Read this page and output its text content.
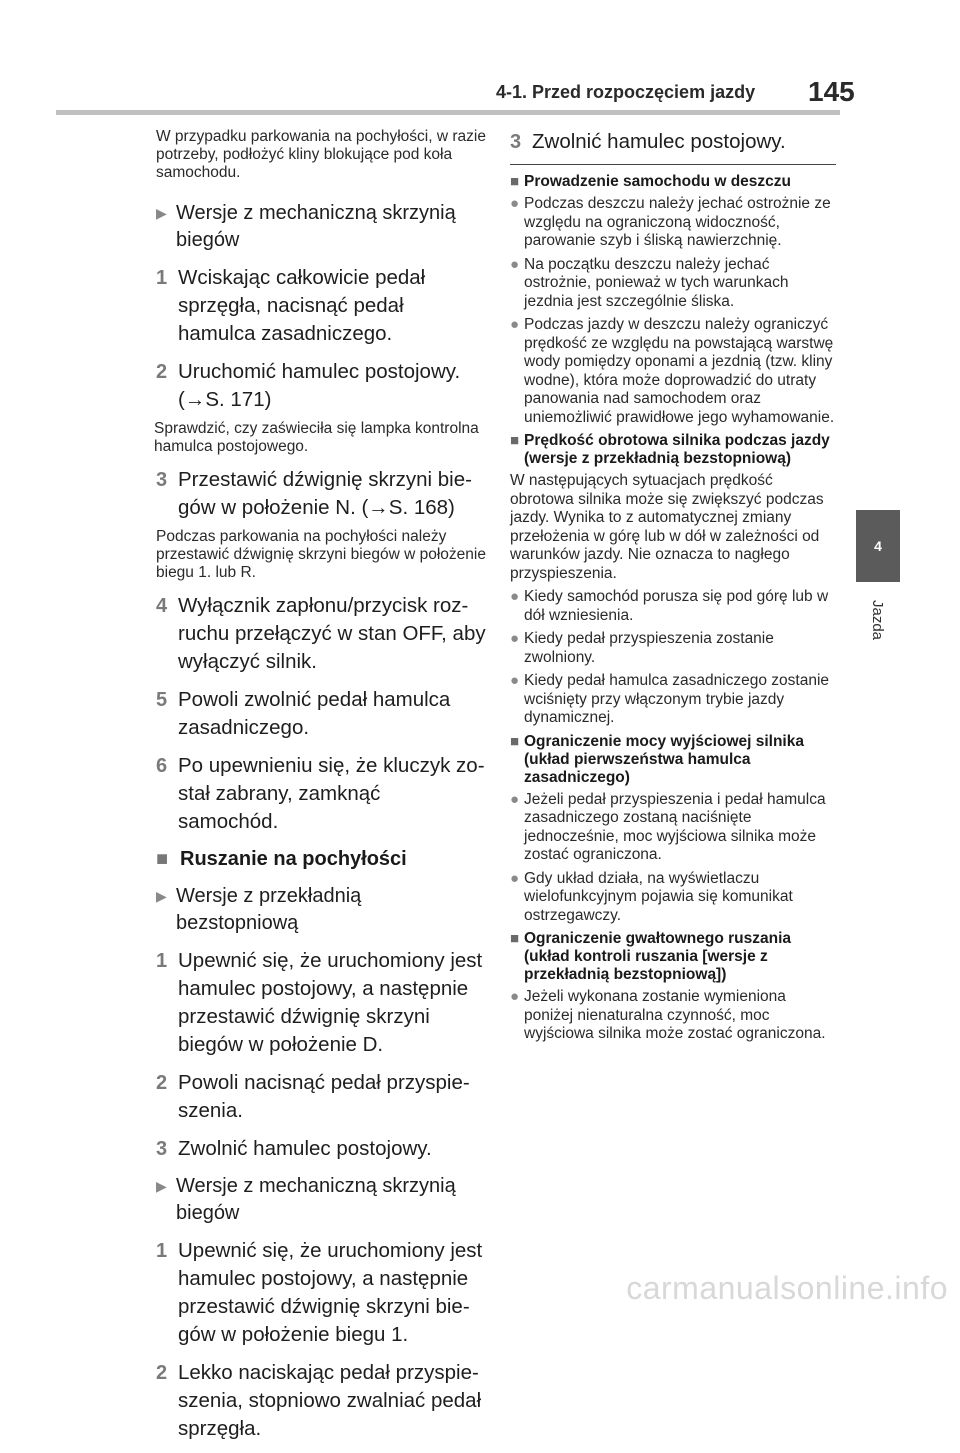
4-1. Przed rozpoczęciem jazdy 145
4
Jazda
W przypadku parkowania na pochyłości, w razie potrzeby, podłożyć kliny blokujące pod koła samochodu.
▶ Wersje z mechaniczną skrzynią biegów
1 Wciskając całkowicie pedał sprzęgła, nacisnąć pedał hamulca zasadniczego.
2 Uruchomić hamulec postojowy. (→S. 171)
Sprawdzić, czy zaświeciła się lampka kontrolna hamulca postojowego.
3 Przestawić dźwignię skrzyni biegów w położenie N. (→S. 168)
Podczas parkowania na pochyłości należy przestawić dźwignię skrzyni biegów w położenie biegu 1. lub R.
4 Wyłącznik zapłonu/przycisk rozruchu przełączyć w stan OFF, aby wyłączyć silnik.
5 Powoli zwolnić pedał hamulca zasadniczego.
6 Po upewnieniu się, że kluczyk został zabrany, zamknąć samochód.
■ Ruszanie na pochyłości
▶ Wersje z przekładnią bezstopniową
1 Upewnić się, że uruchomiony jest hamulec postojowy, a następnie przestawić dźwignię skrzyni biegów w położenie D.
2 Powoli nacisnąć pedał przyspieszenia.
3 Zwolnić hamulec postojowy.
▶ Wersje z mechaniczną skrzynią biegów
1 Upewnić się, że uruchomiony jest hamulec postojowy, a następnie przestawić dźwignię skrzyni biegów w położenie biegu 1.
2 Lekko naciskając pedał przyspieszenia, stopniowo zwalniać pedał sprzęgła.
3 Zwolnić hamulec postojowy.
■ Prowadzenie samochodu w deszczu
● Podczas deszczu należy jechać ostrożnie ze względu na ograniczoną widoczność, parowanie szyb i śliską nawierzchnię.
● Na początku deszczu należy jechać ostrożnie, ponieważ w tych warunkach jezdnia jest szczególnie śliska.
● Podczas jazdy w deszczu należy ograniczyć prędkość ze względu na powstającą warstwę wody pomiędzy oponami a jezdnią (tzw. kliny wodne), która może doprowadzić do utraty panowania nad samochodem oraz uniemożliwić prawidłowe jego wyhamowanie.
■ Prędkość obrotowa silnika podczas jazdy (wersje z przekładnią bezstopniową)
W następujących sytuacjach prędkość obrotowa silnika może się zwiększyć podczas jazdy. Wynika to z automatycznej zmiany przełożenia w górę lub w dół w zależności od warunków jazdy. Nie oznacza to nagłego przyspieszenia.
● Kiedy samochód porusza się pod górę lub w dół wzniesienia.
● Kiedy pedał przyspieszenia zostanie zwolniony.
● Kiedy pedał hamulca zasadniczego zostanie wciśnięty przy włączonym trybie jazdy dynamicznej.
■ Ograniczenie mocy wyjściowej silnika (układ pierwszeństwa hamulca zasadniczego)
● Jeżeli pedał przyspieszenia i pedał hamulca zasadniczego zostaną naciśnięte jednocześnie, moc wyjściowa silnika może zostać ograniczona.
● Gdy układ działa, na wyświetlaczu wielofunkcyjnym pojawia się komunikat ostrzegawczy.
■ Ograniczenie gwałtownego ruszania (układ kontroli ruszania [wersje z przekładnią bezstopniową])
● Jeżeli wykonana zostanie wymieniona poniżej nienaturalna czynność, moc wyjściowa silnika może zostać ograniczona.
carmanualsonline.info
